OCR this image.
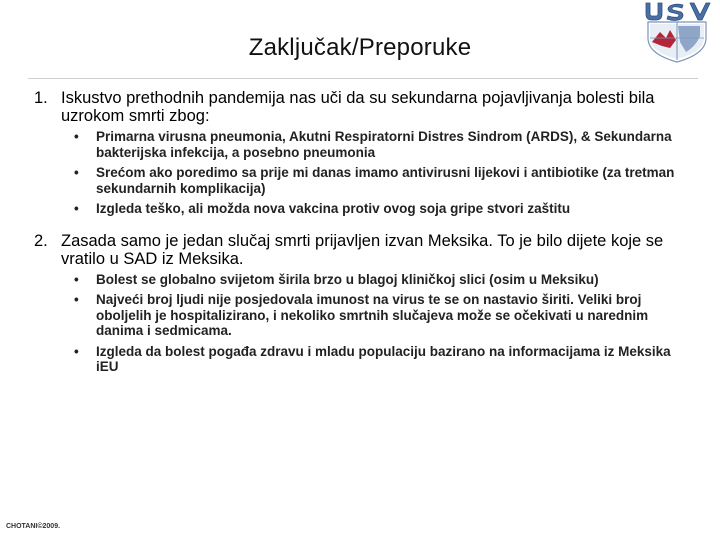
Zaključak/Preporuke
1. Iskustvo prethodnih pandemija nas uči da su sekundarna pojavljivanja bolesti bila uzrokom smrti zbog:
•	Primarna virusna pneumonia, Akutni Respiratorni Distres Sindrom (ARDS), & Sekundarna bakterijska infekcija, a posebno pneumonia
•	Srećom ako poredimo sa prije mi danas imamo antivirusni lijekovi i antibiotike (za tretman sekundarnih komplikacija)
•	Izgleda teško, ali možda nova vakcina protiv ovog soja gripe stvori zaštitu
2. Zasada samo je jedan slučaj smrti prijavljen izvan Meksika. To je bilo dijete koje se vratilo u SAD iz Meksika.
•	Bolest se globalno svijetom širila brzo u blagoj kliničkoj slici (osim u Meksiku)
•	Najveći broj ljudi nije posjedovala imunost na virus te se on nastavio širiti. Veliki broj oboljelih je hospitalizirano, i nekoliko smrtnih slučajeva može se očekivati u narednim danima i sedmicama.
•	Izgleda da bolest pogađa zdravu i mladu populaciju bazirano na informacijama iz Meksika iEU
CHOTANI©2009.
